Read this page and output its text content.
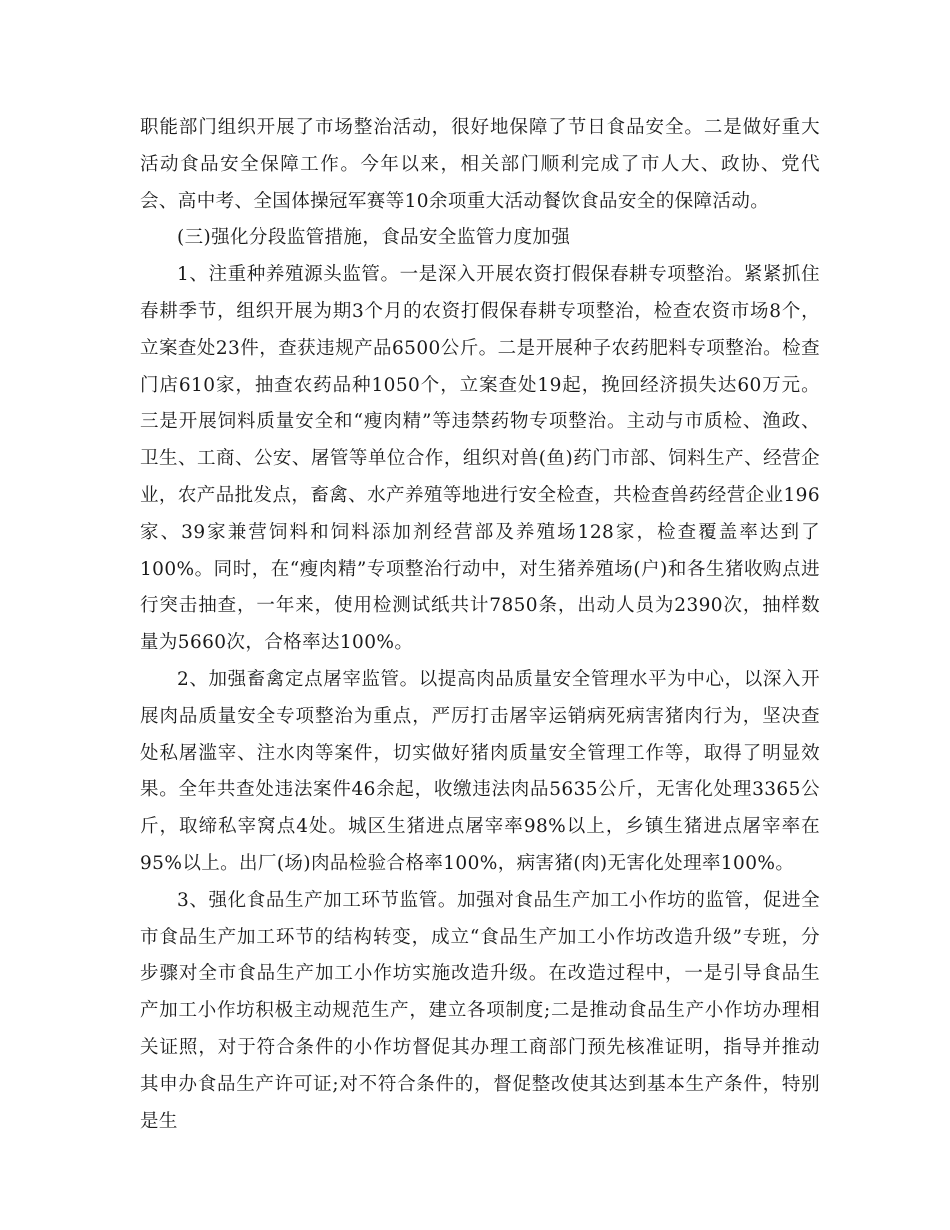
职能部门组织开展了市场整治活动，很好地保障了节日食品安全。二是做好重大活动食品安全保障工作。今年以来，相关部门顺利完成了市人大、政协、党代会、高中考、全国体操冠军赛等10余项重大活动餐饮食品安全的保障活动。

(三)强化分段监管措施，食品安全监管力度加强

1、注重种养殖源头监管。一是深入开展农资打假保春耕专项整治。紧紧抓住春耕季节，组织开展为期3个月的农资打假保春耕专项整治，检查农资市场8个，立案查处23件，查获违规产品6500公斤。二是开展种子农药肥料专项整治。检查门店610家，抽查农药品种1050个，立案查处19起，挽回经济损失达60万元。三是开展饲料质量安全和“瘦肉精”等违禁药物专项整治。主动与市质检、渔政、卫生、工商、公安、屠管等单位合作，组织对兽(鱼)药门市部、饲料生产、经营企业，农产品批发点，畜禽、水产养殖等地进行安全检查，共检查兽药经营企业196家、39家兼营饲料和饲料添加剂经营部及养殖场128家，检查覆盖率达到了100%。同时，在“瘦肉精”专项整治行动中，对生猪养殖场(户)和各生猪收购点进行突击抽查，一年来，使用检测试纸共计7850条，出动人员为2390次，抽样数量为5660次，合格率达100%。

2、加强畜禽定点屠宰监管。以提高肉品质量安全管理水平为中心，以深入开展肉品质量安全专项整治为重点，严厉打击屠宰运销病死病害猪肉行为，坚决查处私屠滥宰、注水肉等案件，切实做好猪肉质量安全管理工作等，取得了明显效果。全年共查处违法案件46余起，收缴违法肉品5635公斤，无害化处理3365公斤，取缔私宰窝点4处。城区生猪进点屠宰率98%以上，乡镇生猪进点屠宰率在95%以上。出厂(场)肉品检验合格率100%，病害猪(肉)无害化处理率100%。

3、强化食品生产加工环节监管。加强对食品生产加工小作坊的监管，促进全市食品生产加工环节的结构转变，成立“食品生产加工小作坊改造升级”专班，分步骤对全市食品生产加工小作坊实施改造升级。在改造过程中，一是引导食品生产加工小作坊积极主动规范生产，建立各项制度;二是推动食品生产小作坊办理相关证照，对于符合条件的小作坊督促其办理工商部门预先核准证明，指导并推动其申办食品生产许可证;对不符合条件的，督促整改使其达到基本生产条件，特别是生
